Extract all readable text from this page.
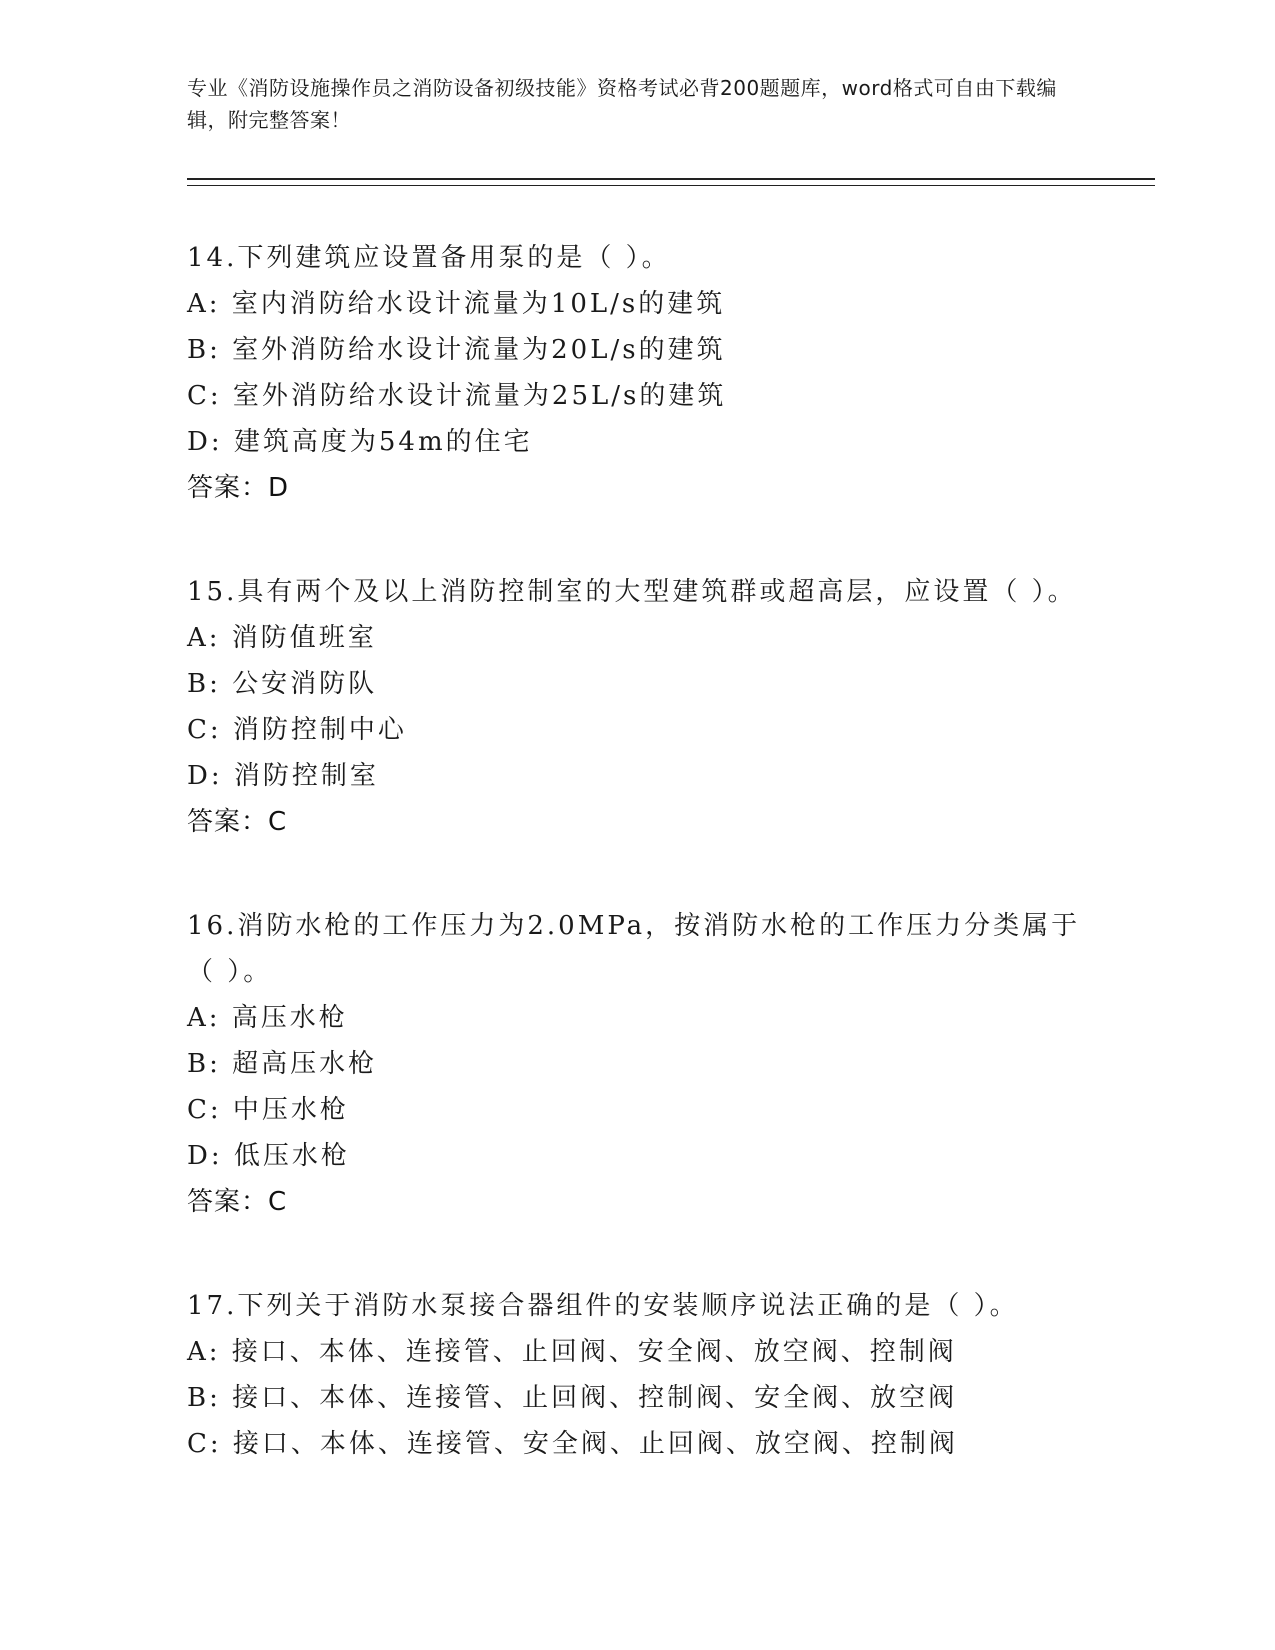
专业《消防设施操作员之消防设备初级技能》资格考试必背200题题库，word格式可自由下载编辑，附完整答案！
14.下列建筑应设置备用泵的是（ ）。
A: 室内消防给水设计流量为10L/s的建筑
B: 室外消防给水设计流量为20L/s的建筑
C: 室外消防给水设计流量为25L/s的建筑
D: 建筑高度为54m的住宅
答案：D
15.具有两个及以上消防控制室的大型建筑群或超高层，应设置（ ）。
A: 消防值班室
B: 公安消防队
C: 消防控制中心
D: 消防控制室
答案：C
16.消防水枪的工作压力为2.0MPa，按消防水枪的工作压力分类属于（ ）。
A: 高压水枪
B: 超高压水枪
C: 中压水枪
D: 低压水枪
答案：C
17.下列关于消防水泵接合器组件的安装顺序说法正确的是（ ）。
A: 接口、本体、连接管、止回阀、安全阀、放空阀、控制阀
B: 接口、本体、连接管、止回阀、控制阀、安全阀、放空阀
C: 接口、本体、连接管、安全阀、止回阀、放空阀、控制阀
